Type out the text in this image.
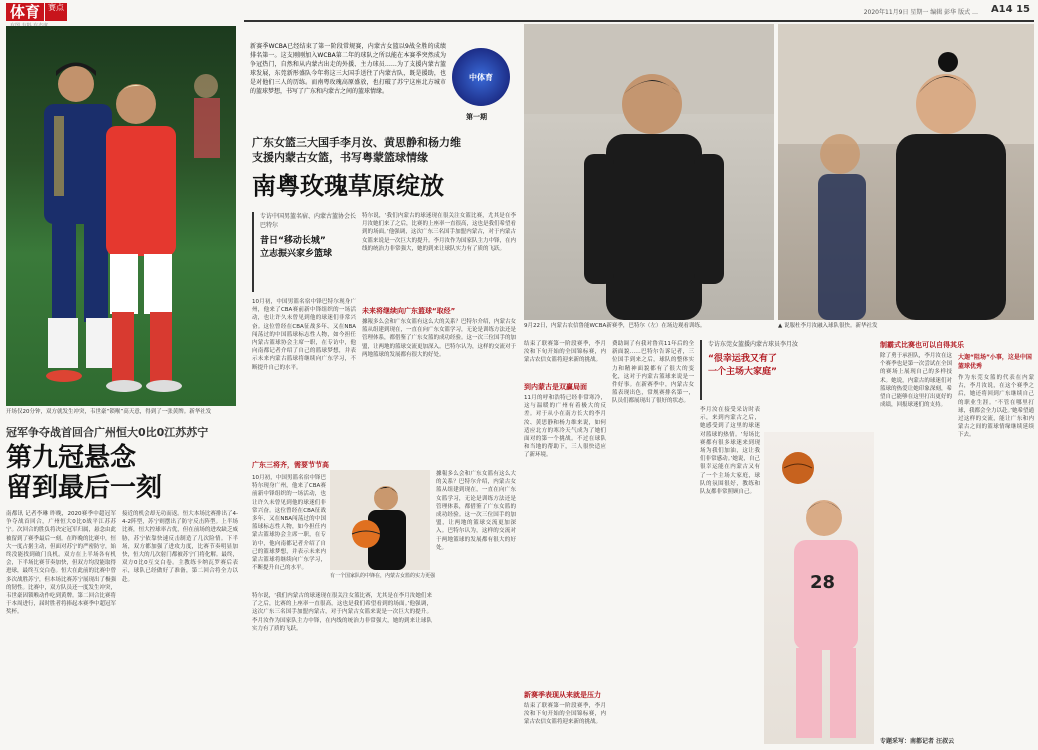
体育	赛点
2020年11月9日 星期一 编辑 彭华 版式 … A14 15
开场仅20分钟，双方就发生冲突，韦世豪“锁喉”高天意，得到了一张黄牌。新华社发
冠军争夺战首回合广州恒大0比0江苏苏宁
第九冠悬念
留到最后一刻
南都讯 记者李琳 昨晚，2020赛季中超冠军争夺战首回合，广州恒大0比0战平江苏苏宁。次回合的胜负将决定冠军归属，悬念由此被留到了赛季最后一刻。在昨晚的比赛中，恒大一度占据主动，但面对苏宁的严密防守，始终没能找到破门良机。双方在上半场各有机会，下半场比赛节奏加快，但双方均没能取得进球，最终互交白卷。恒大在此前的比赛中曾多次战胜苏宁，但本场比赛苏宁展现出了极强的韧性。比赛中，双方队员还一度发生冲突，韦世豪因锁喉动作吃到黄牌。第二回合比赛将于本周进行，届时胜者将捧起本赛季中超冠军奖杯。
接近的机会却无功而返。恒大本场比赛排出了4-4-2阵型，苏宁则摆出了防守反击阵型。上半场比赛，恒大控球率占优，但在前场的进攻缺乏威胁，苏宁依靠快速反击制造了几次险情。下半场，双方都加强了进攻力度，比赛节奏明显加快，恒大的几次射门都被苏宁门将化解。最终，双方0比0互交白卷。主教练卡纳瓦罗赛后表示，球队已经做好了准备，第二回合将全力以赴。
新赛季WCBA已经结束了第一阶段常规赛，内蒙古女篮以9战全胜的成绩排名第一。这支刚刚加入WCBA第二年的球队之所以能在本赛季突然成为争冠热门，自然和从内蒙古出走的外援、主力球员……为了支援内蒙古篮球发展，东莞新彤盛队今年将这三大国手送往了内蒙古队，既是援助，也是对他们三人的历练。而南粤玫瑰高原盛放，也打破了苏宁这座北方城市的篮球梦想，书写了广东和内蒙古之间的篮球情缘。
中体育
第一期
广东女篮三大国手李月汝、黄思静和杨力维
支援内蒙古女篮，书写粤蒙篮球情缘
南粤玫瑰草原绽放
专访中国男篮名宿、内蒙古篮协会长巴特尔
昔日“移动长城”
立志振兴家乡篮球
特尔说，‘我们内蒙古的球迷现在很关注女篮比赛，尤其是在李月汝她们来了之后，比赛的上座率一直很高，这也是我们希望看到的场面。’他强调，这次广东三名国手加盟内蒙古，对于内蒙古女篮来说是一次巨大的提升。李月汝作为国家队主力中锋，在内线的统治力非常强大，她的到来让球队实力有了质的飞跃。
10月初，中国男篮名宿中锋巴特尔现身广州，他来了CBA赛前新中锋组织的一场活动，也让许久未曾见到他的球迷们非常兴奋。这位曾经在CBA征战多年、又在NBA闯荡过的中国篮球标志性人物，如今担任内蒙古篮球协会主席一职，在专访中，他向南都记者介绍了自己的篮球梦想，并表示未来内蒙古篮球将继续向广东学习，不断提升自己的水平。
未来将继续向广东篮球“取经”
據報多么会和广东女篮有这么大的关系？巴特尔介绍，内蒙古女篮从组建到现在，一直在向广东女篮学习，无论是训练方法还是管理体系，都借鉴了广东女篮的成功经验。这一次三位国手的加盟，让两地的篮球交流更加深入。巴特尔认为，这样的交流对于两地篮球的发展都有很大的好处。
广东三将齐，需要节节高
有一个国家队的中锋在，内蒙古女篮的实力更强
10月初，中国男篮名宿中锋巴特尔现身广州，他来了CBA赛前新中锋组织的一场活动，也让许久未曾见到他的球迷们非常兴奋。这位曾经在CBA征战多年、又在NBA闯荡过的中国篮球标志性人物，如今担任内蒙古篮球协会主席一职，在专访中，他向南都记者介绍了自己的篮球梦想，并表示未来内蒙古篮球将继续向广东学习，不断提升自己的水平。
特尔说，‘我们内蒙古的球迷现在很关注女篮比赛，尤其是在李月汝她们来了之后，比赛的上座率一直很高，这也是我们希望看到的场面。’他强调，这次广东三名国手加盟内蒙古，对于内蒙古女篮来说是一次巨大的提升。李月汝作为国家队主力中锋，在内线的统治力非常强大，她的到来让球队实力有了质的飞跃。
據報多么会和广东女篮有这么大的关系？巴特尔介绍，内蒙古女篮从组建到现在，一直在向广东女篮学习，无论是训练方法还是管理体系，都借鉴了广东女篮的成功经验。这一次三位国手的加盟，让两地的篮球交流更加深入。巴特尔认为，这样的交流对于两地篮球的发展都有很大的好处。
9月22日，内蒙古农信鲁能WCBA新赛季，巴特尔（左）在场边观看训练。	▲ 说服杜李月汝融入球队很快。新华社发
结束了联赛第一阶段赛季，李月汝和下旬开始的全国锦标赛，内蒙古农信女篮将迎来新的挑战。
到内蒙古是双赢局面
11月的呼和浩特已经非常寒冷，这与温暖的广州有着极大的反差。对于从小在南方长大的李月汝、黄思静和杨力维来说，如何适应北方的寒冷天气成为了她们面对的第一个挑战。不过在球队和当地的帮助下，三人很快适应了新环境。
新赛季表现从来就是压力
结束了联赛第一阶段赛季，李月汝和下旬开始的全国锦标赛，内蒙古农信女篮将迎来新的挑战。
费助调了有我对鲁宾11年后的全新面貌……巴特尔告诉记者，三位国手到来之后，球队的整体实力和精神面貌都有了很大的变化，这对于内蒙古篮球来说是一件好事。在新赛季中，内蒙古女篮表现出色，常规赛排名第一，队员们都展现出了很好的状态。
专访东莞女篮援内蒙古球员李月汝
“很幸运我又有了
一个主场大家庭”
李月汝在接受采访时表示，来到内蒙古之后，她感受到了这里的球迷对篮球的热情。‘每场比赛都有很多球迷来到现场为我们加油，这让我们非常感动。’她说，自己很幸运能在内蒙古又有了一个主场大家庭，球队的氛围很好，教练和队友都非常照顾自己。
28
制霸式比赛也可以自得其乐
除了勇于承担队，李月汝在这个赛季也是第一次尝试在全国的赛场上展现自己的多样技术。她说，内蒙古的球迷们对篮球的热爱让她印象深刻，希望自己能够在这里打出更好的成绩，回报球迷们的支持。
大迦“阻场”小事，这是中国篮球优秀
作为东莞女篮的代表在内蒙古，李月汝说，在这个赛季之后，她还将回到广东继续自己的职业生涯。‘不管在哪里打球，我都会全力以赴。’她希望通过这样的交流，能让广东和内蒙古之间的篮球情缘继续延续下去。
专题采写：南都记者 汪叔云
